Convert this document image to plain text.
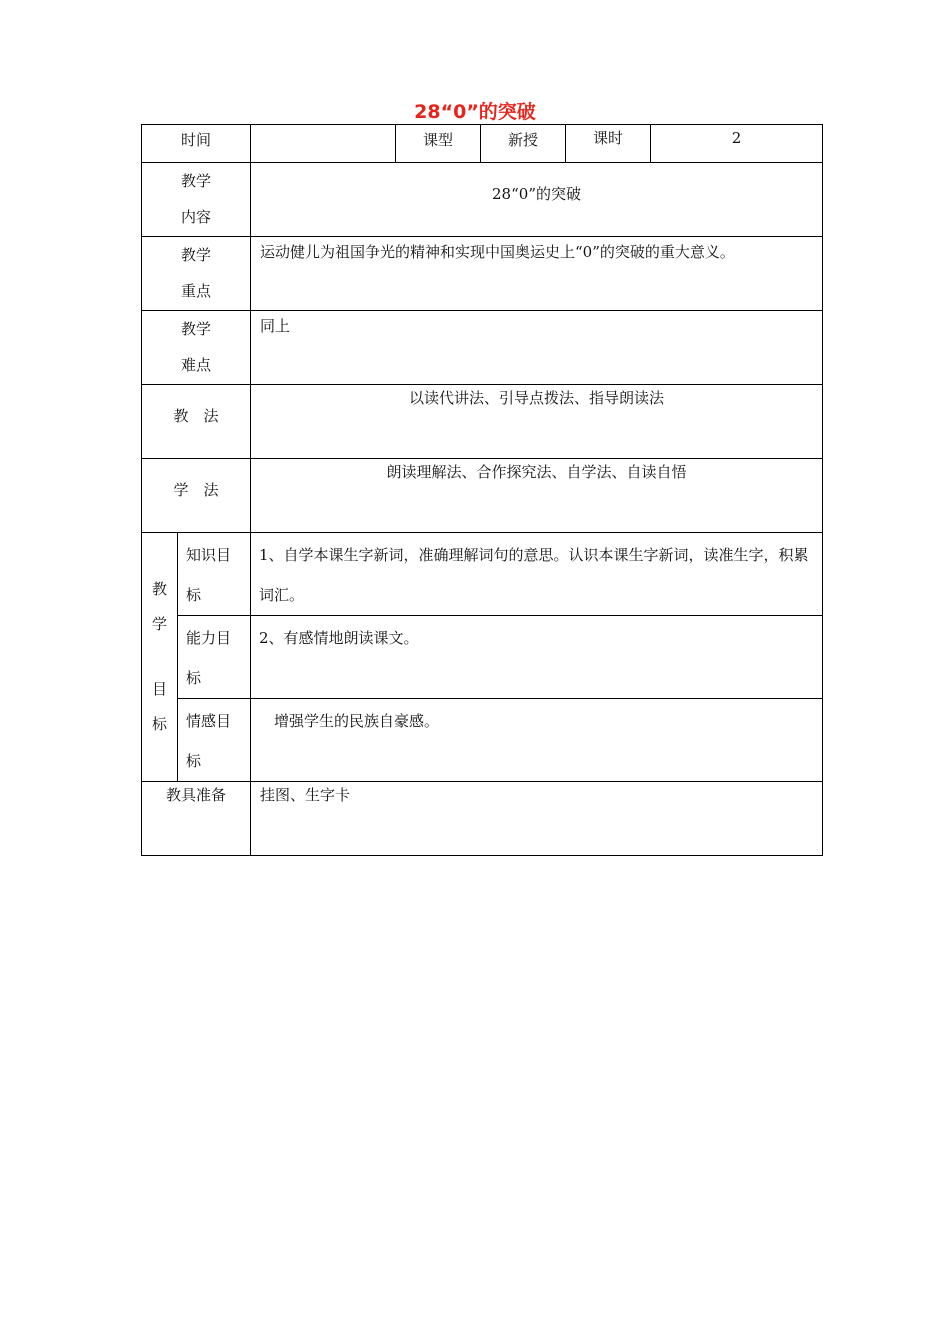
28“0”的突破
时间			课型	新授	课时	2

教学
内容		28“0”的突破				

教学
重点		运动健儿为祖国争光的精神和实现中国奥运史上“0”的突破的重大意义。				

教学
难点		同上				
教　法		以读代讲法、引导点拨法、指导朗读法				
学　法		朗读理解法、合作探究法、自学法、自读自悟				

教
学
目
标	知识目标	1、自学本课生字新词，准确理解词句的意思。认识本课生字新词，读准生字，积累词汇。				
	能力目标	2、有感情地朗读课文。				
	情感目标	　增强学生的民族自豪感。				
教具准备		挂图、生字卡				
